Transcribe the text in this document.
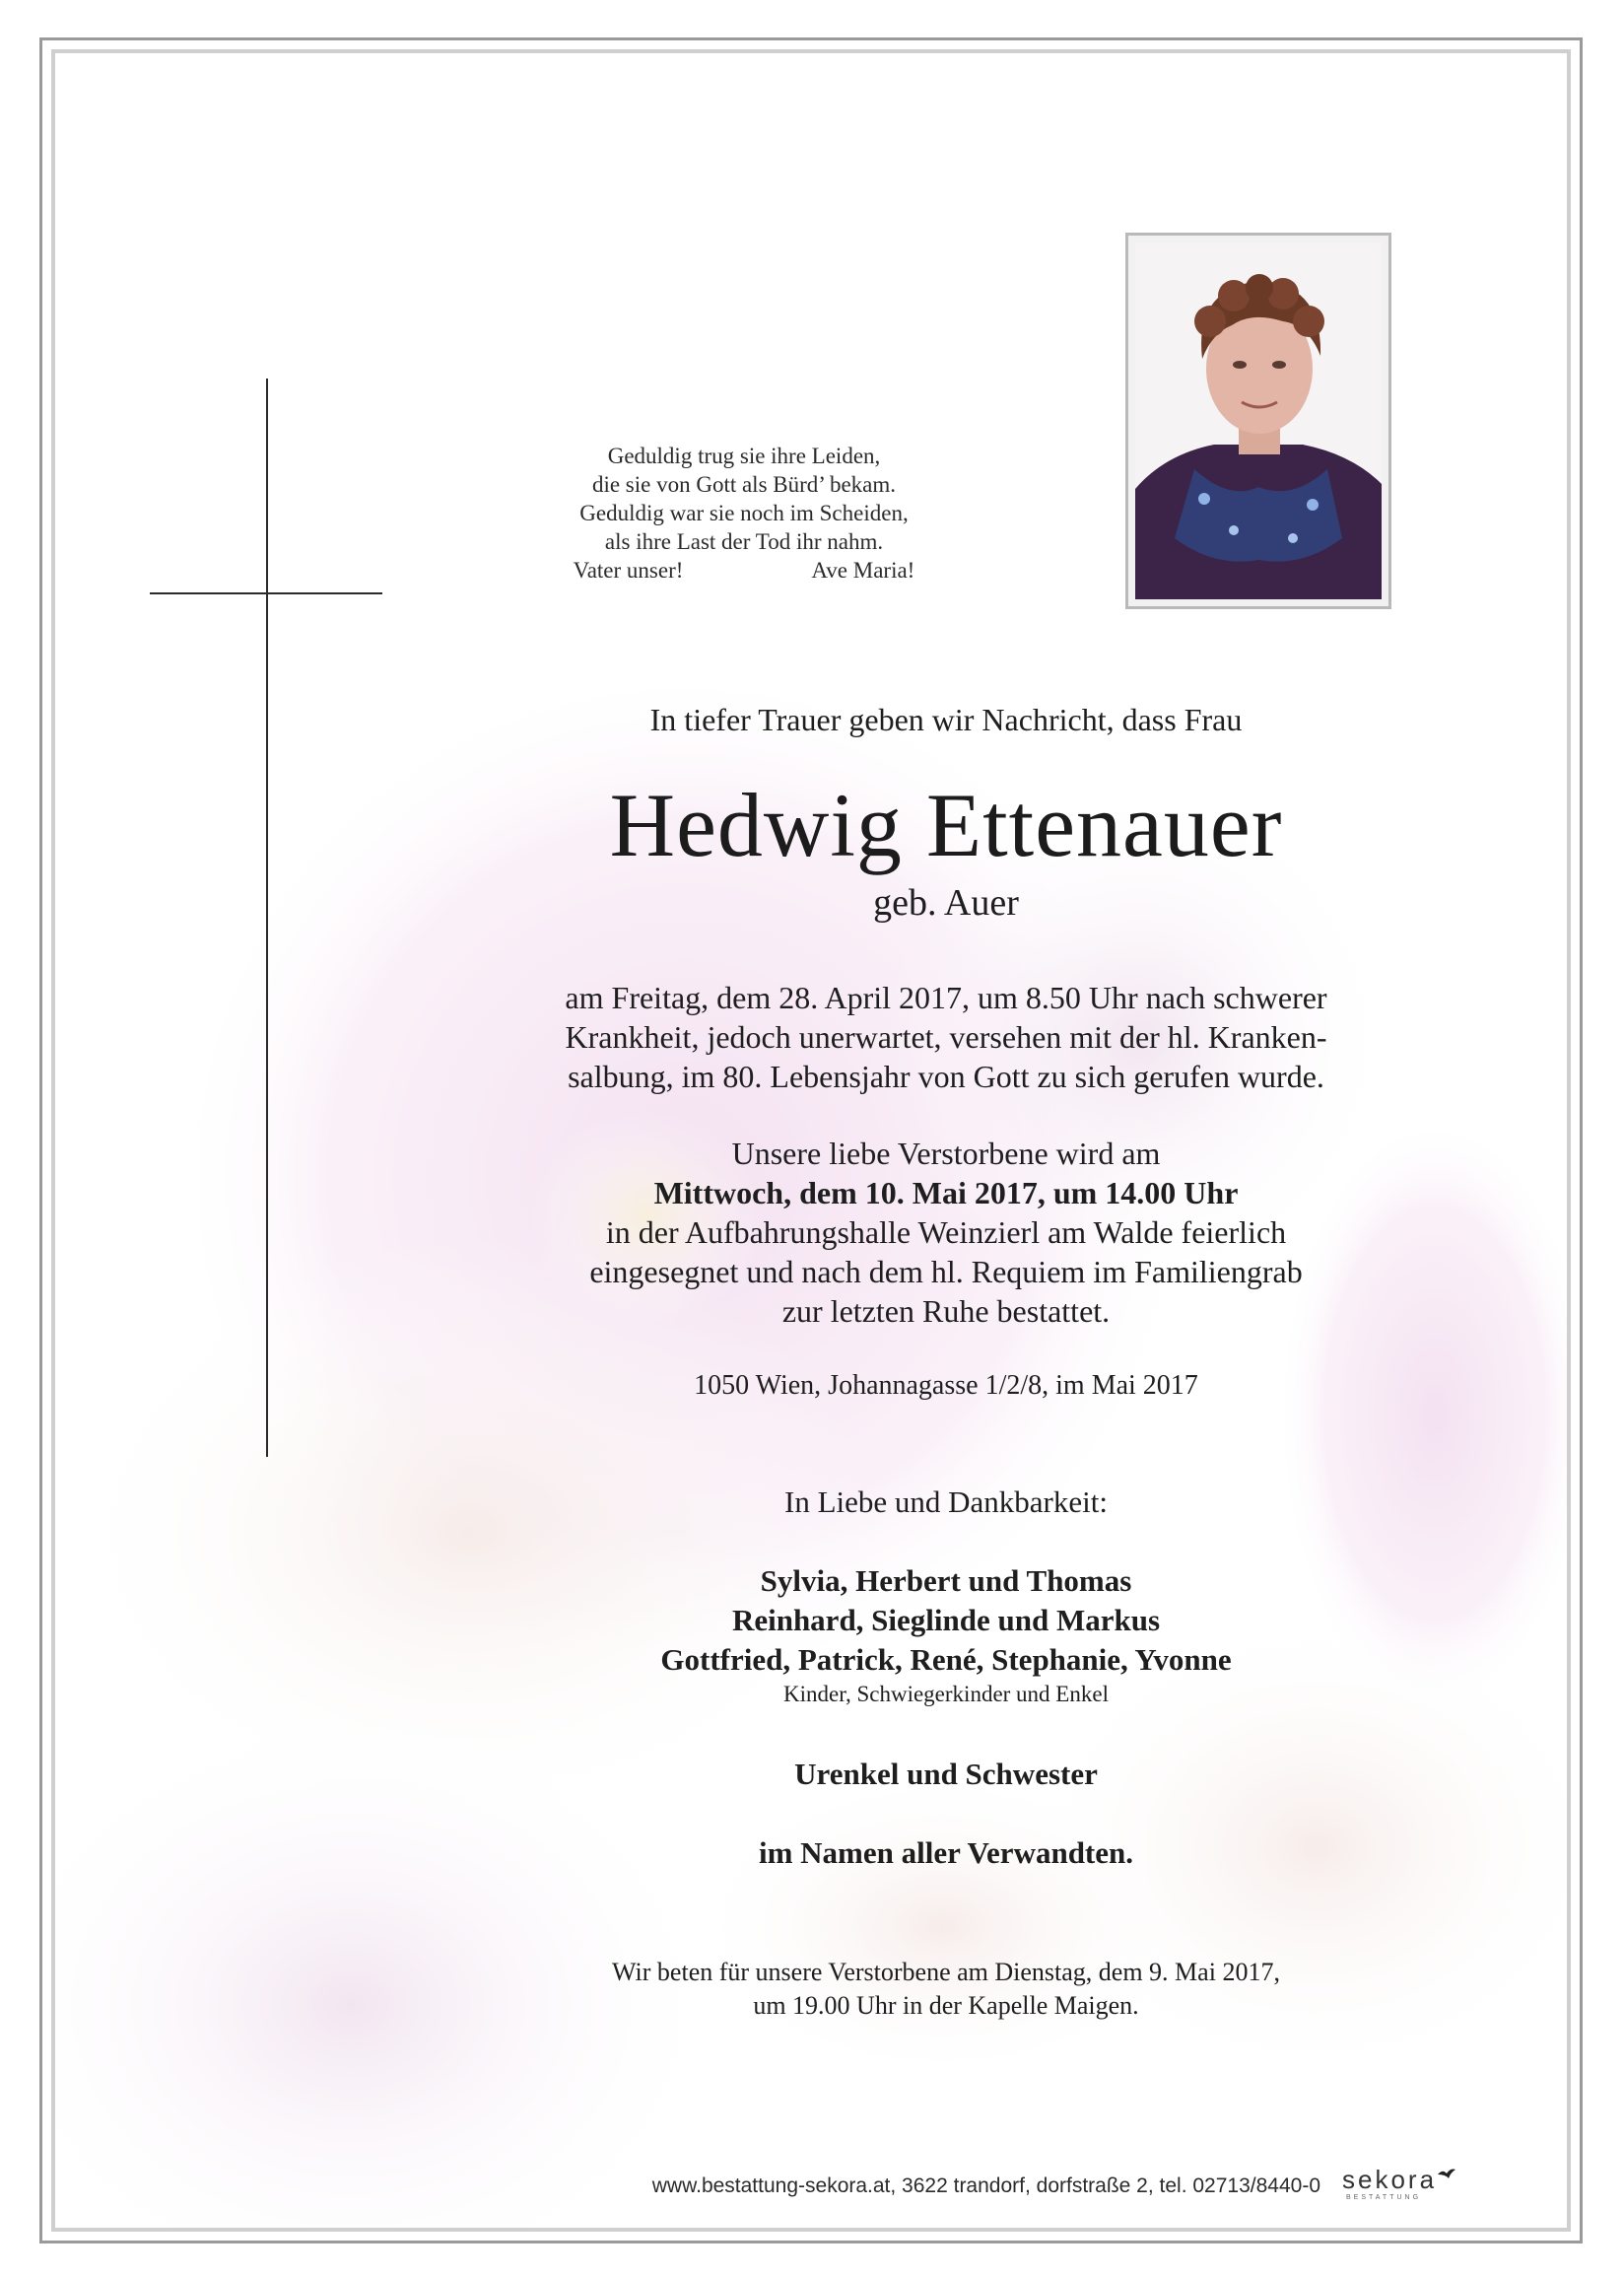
Geduldig trug sie ihre Leiden,
die sie von Gott als Bürd’ bekam.
Geduldig war sie noch im Scheiden,
als ihre Last der Tod ihr nahm.
Vater unser!	Ave Maria!
In tiefer Trauer geben wir Nachricht, dass Frau
Hedwig Ettenauer
geb. Auer
am Freitag, dem 28. April 2017, um 8.50 Uhr nach schwerer
Krankheit, jedoch unerwartet, versehen mit der hl. Kranken-
salbung, im 80. Lebensjahr von Gott zu sich gerufen wurde.
Unsere liebe Verstorbene wird am
Mittwoch, dem 10. Mai 2017, um 14.00 Uhr
in der Aufbahrungshalle Weinzierl am Walde feierlich
eingesegnet und nach dem hl. Requiem im Familiengrab
zur letzten Ruhe bestattet.
1050 Wien, Johannagasse 1/2/8, im Mai 2017
In Liebe und Dankbarkeit:
Sylvia, Herbert und Thomas
Reinhard, Sieglinde und Markus
Gottfried, Patrick, René, Stephanie, Yvonne
Kinder, Schwiegerkinder und Enkel
Urenkel und Schwester
im Namen aller Verwandten.
Wir beten für unsere Verstorbene am Dienstag, dem 9. Mai 2017,
um 19.00 Uhr in der Kapelle Maigen.
www.bestattung-sekora.at, 3622 trandorf, dorfstraße 2, tel. 02713/8440-0 sekora
BESTATTUNG
